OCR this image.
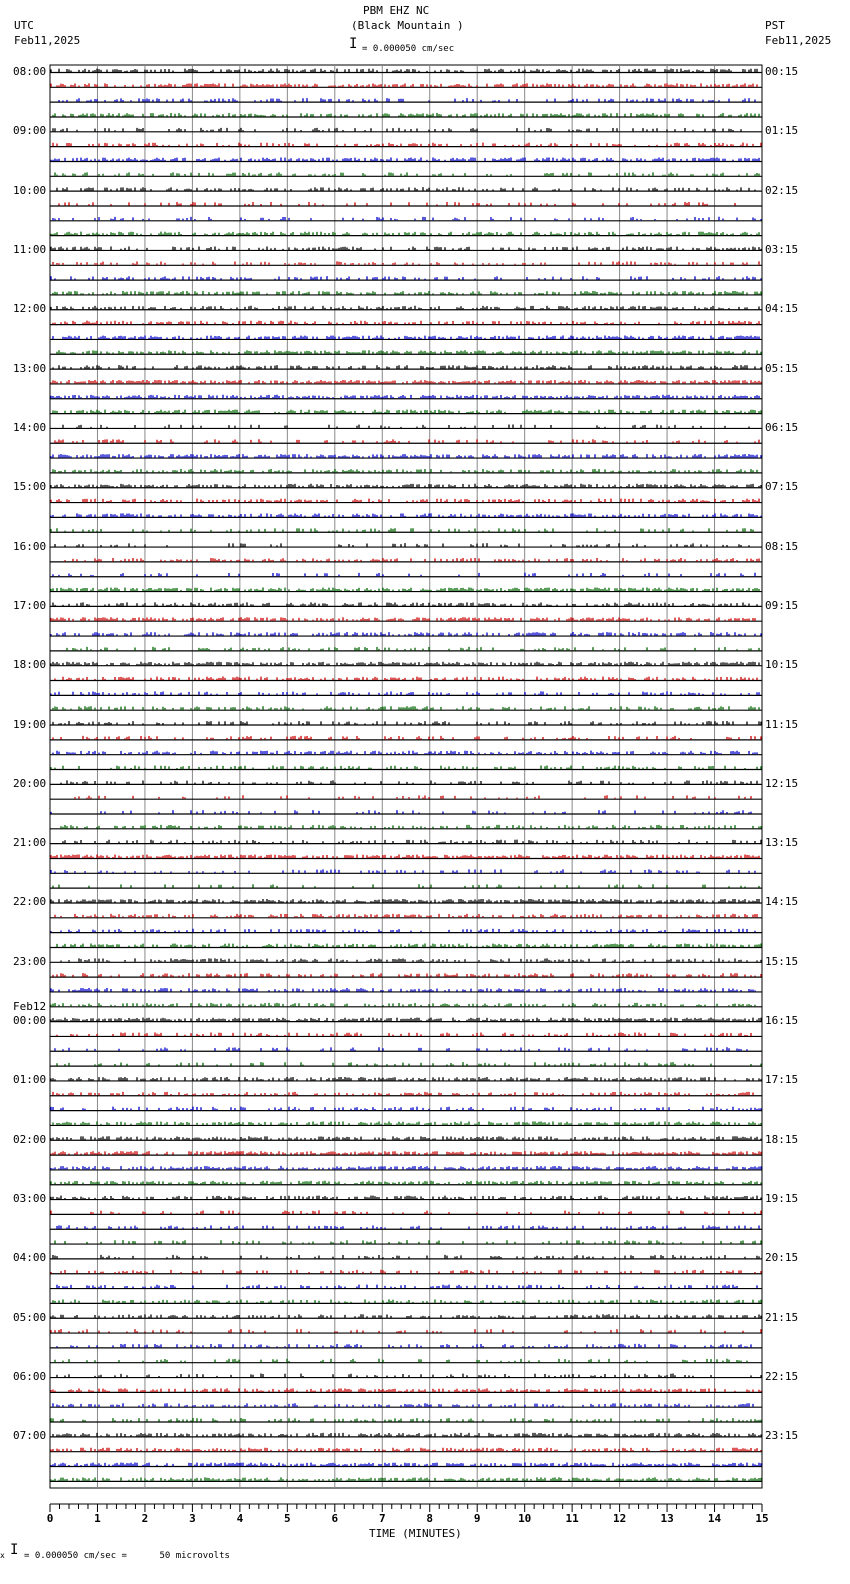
PBM EHZ NC
(Black Mountain )
UTC
Feb11,2025
PST
Feb11,2025
I = 0.000050 cm/sec
0	1	2	3	4	5	6	7	8	9	10	11	12	13	14	15
08:00
09:00
10:00
11:00
12:00
13:00
14:00
15:00
16:00
17:00
18:00
19:00
20:00
21:00
22:00
23:00
Feb12
00:00
01:00
02:00
03:00
04:00
05:00
06:00
07:00
00:15
01:15
02:15
03:15
04:15
05:15
06:15
07:15
08:15
09:15
10:15
11:15
12:15
13:15
14:15
15:15
16:15
17:15
18:15
19:15
20:15
21:15
22:15
23:15
TIME (MINUTES)
x I = 0.000050 cm/sec =      50 microvolts
